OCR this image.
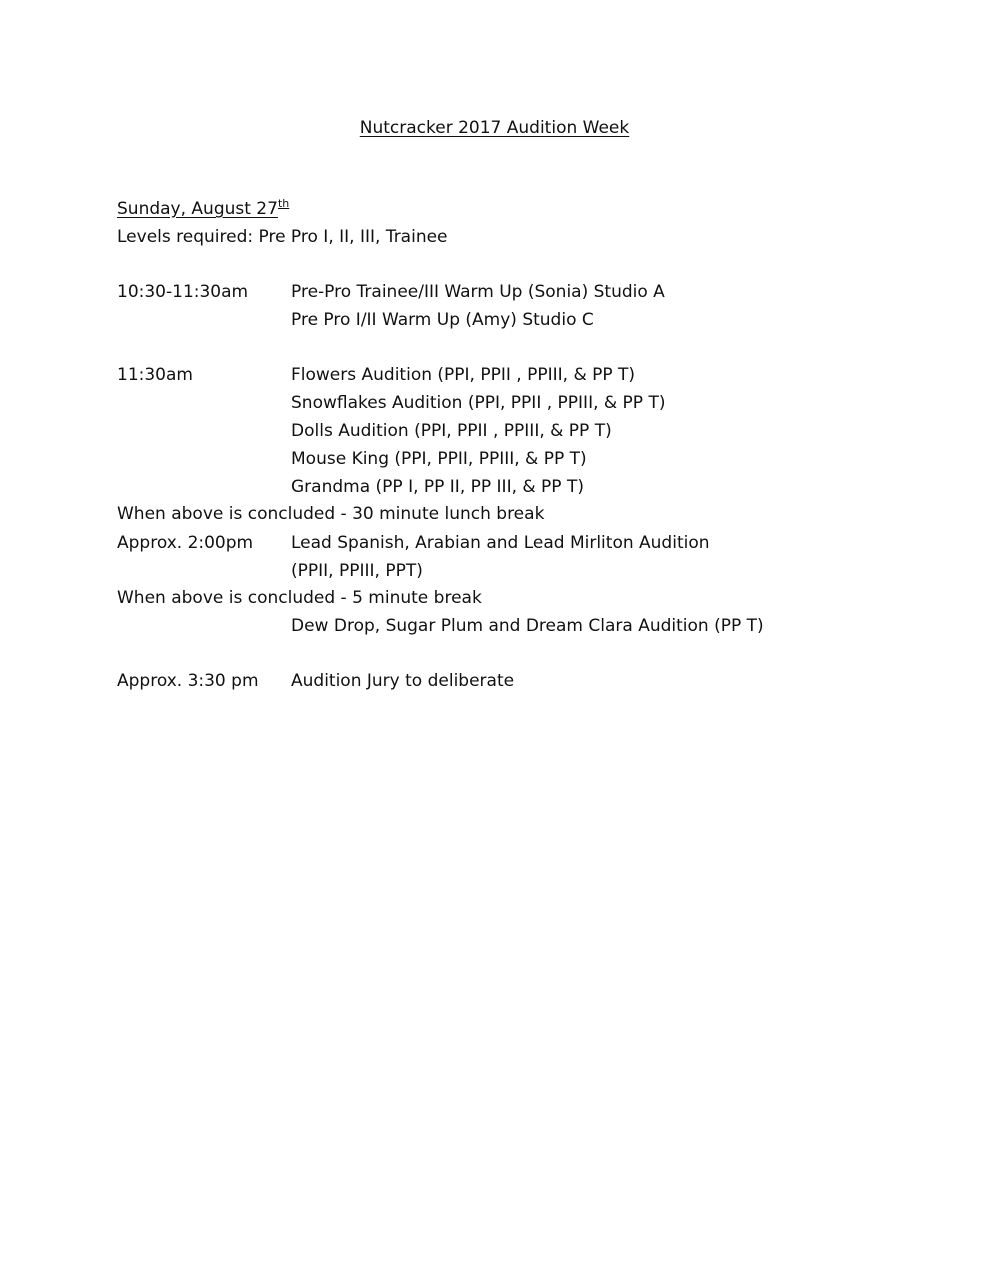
Nutcracker 2017 Audition Week
Sunday, August 27th
Levels required: Pre Pro I, II, III, Trainee
10:30-11:30am	Pre-Pro Trainee/III Warm Up (Sonia) Studio A
Pre Pro I/II Warm Up (Amy) Studio C
11:30am	Flowers Audition (PPI, PPII , PPIII, & PP T)
Snowflakes Audition (PPI, PPII , PPIII, & PP T)
Dolls Audition (PPI, PPII , PPIII, & PP T)
Mouse King (PPI, PPII, PPIII, & PP T)
Grandma (PP I, PP II, PP III, & PP T)
When above is concluded - 30 minute lunch break
Approx. 2:00pm Lead Spanish, Arabian and Lead Mirliton Audition
(PPII, PPIII, PPT)
When above is concluded - 5 minute break
Dew Drop, Sugar Plum and Dream Clara Audition (PP T)
Approx. 3:30 pm Audition Jury to deliberate
